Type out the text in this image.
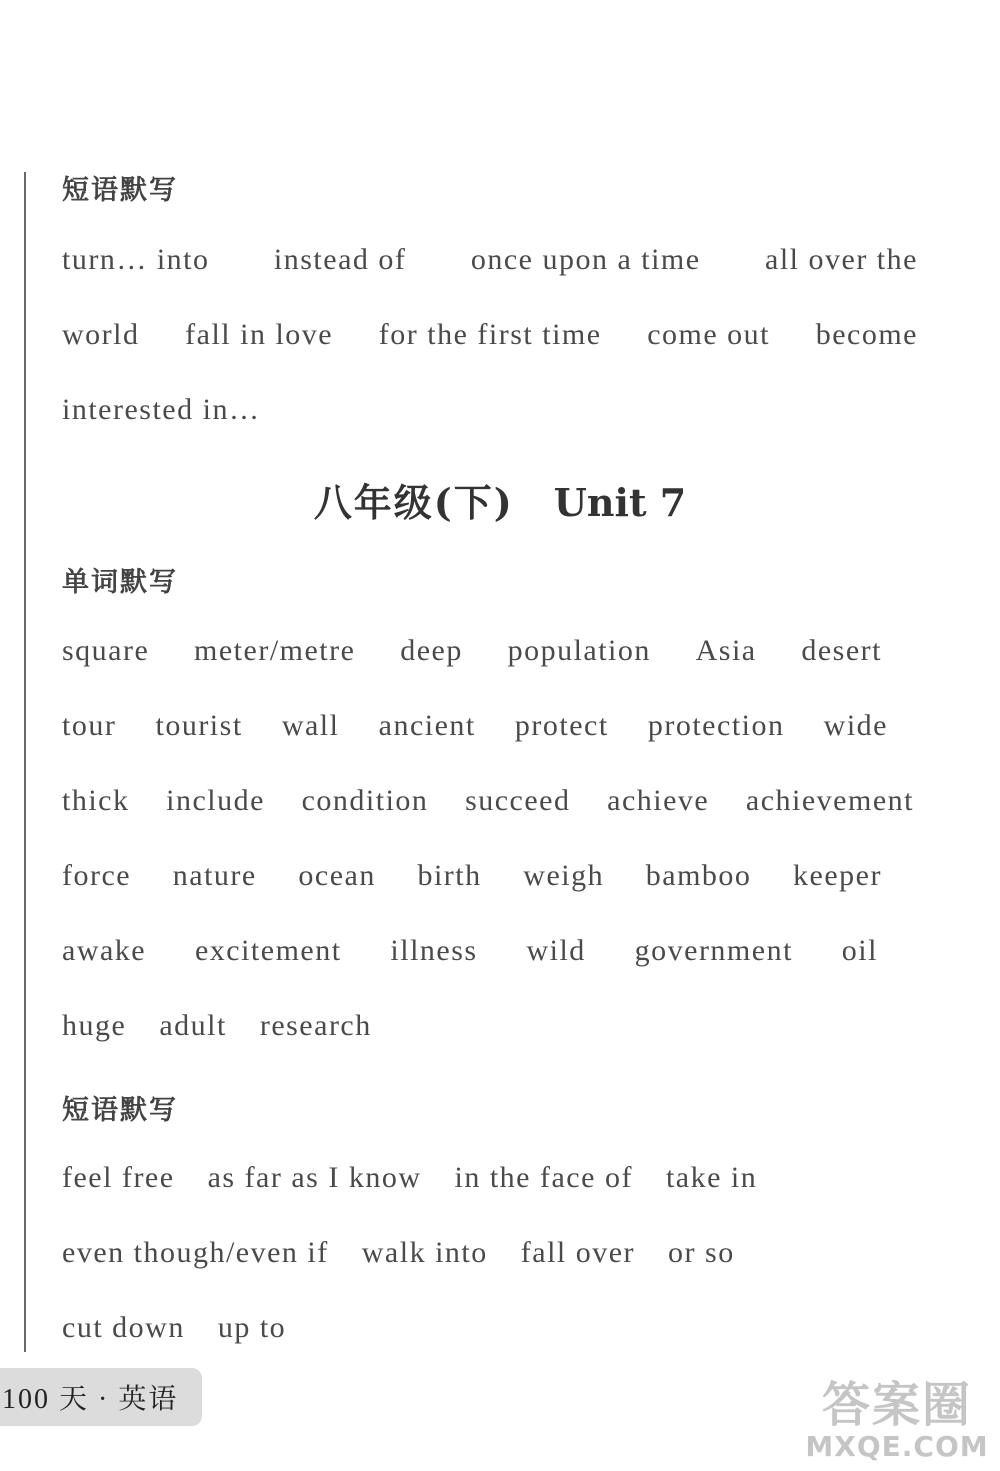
短语默写
turn… into instead of once upon a time all over the
world fall in love for the first time come out become
interested in…
八年级(下) Unit 7
单词默写
square meter/metre deep population Asia desert
tour tourist wall ancient protect protection wide
thick include condition succeed achieve achievement
force nature ocean birth weigh bamboo keeper
awake excitement illness wild government oil
huge adult research
短语默写
feel free as far as I know in the face of take in
even though/even if walk into fall over or so
cut down up to
100 天 · 英语	答案圈
MXQE.COM
